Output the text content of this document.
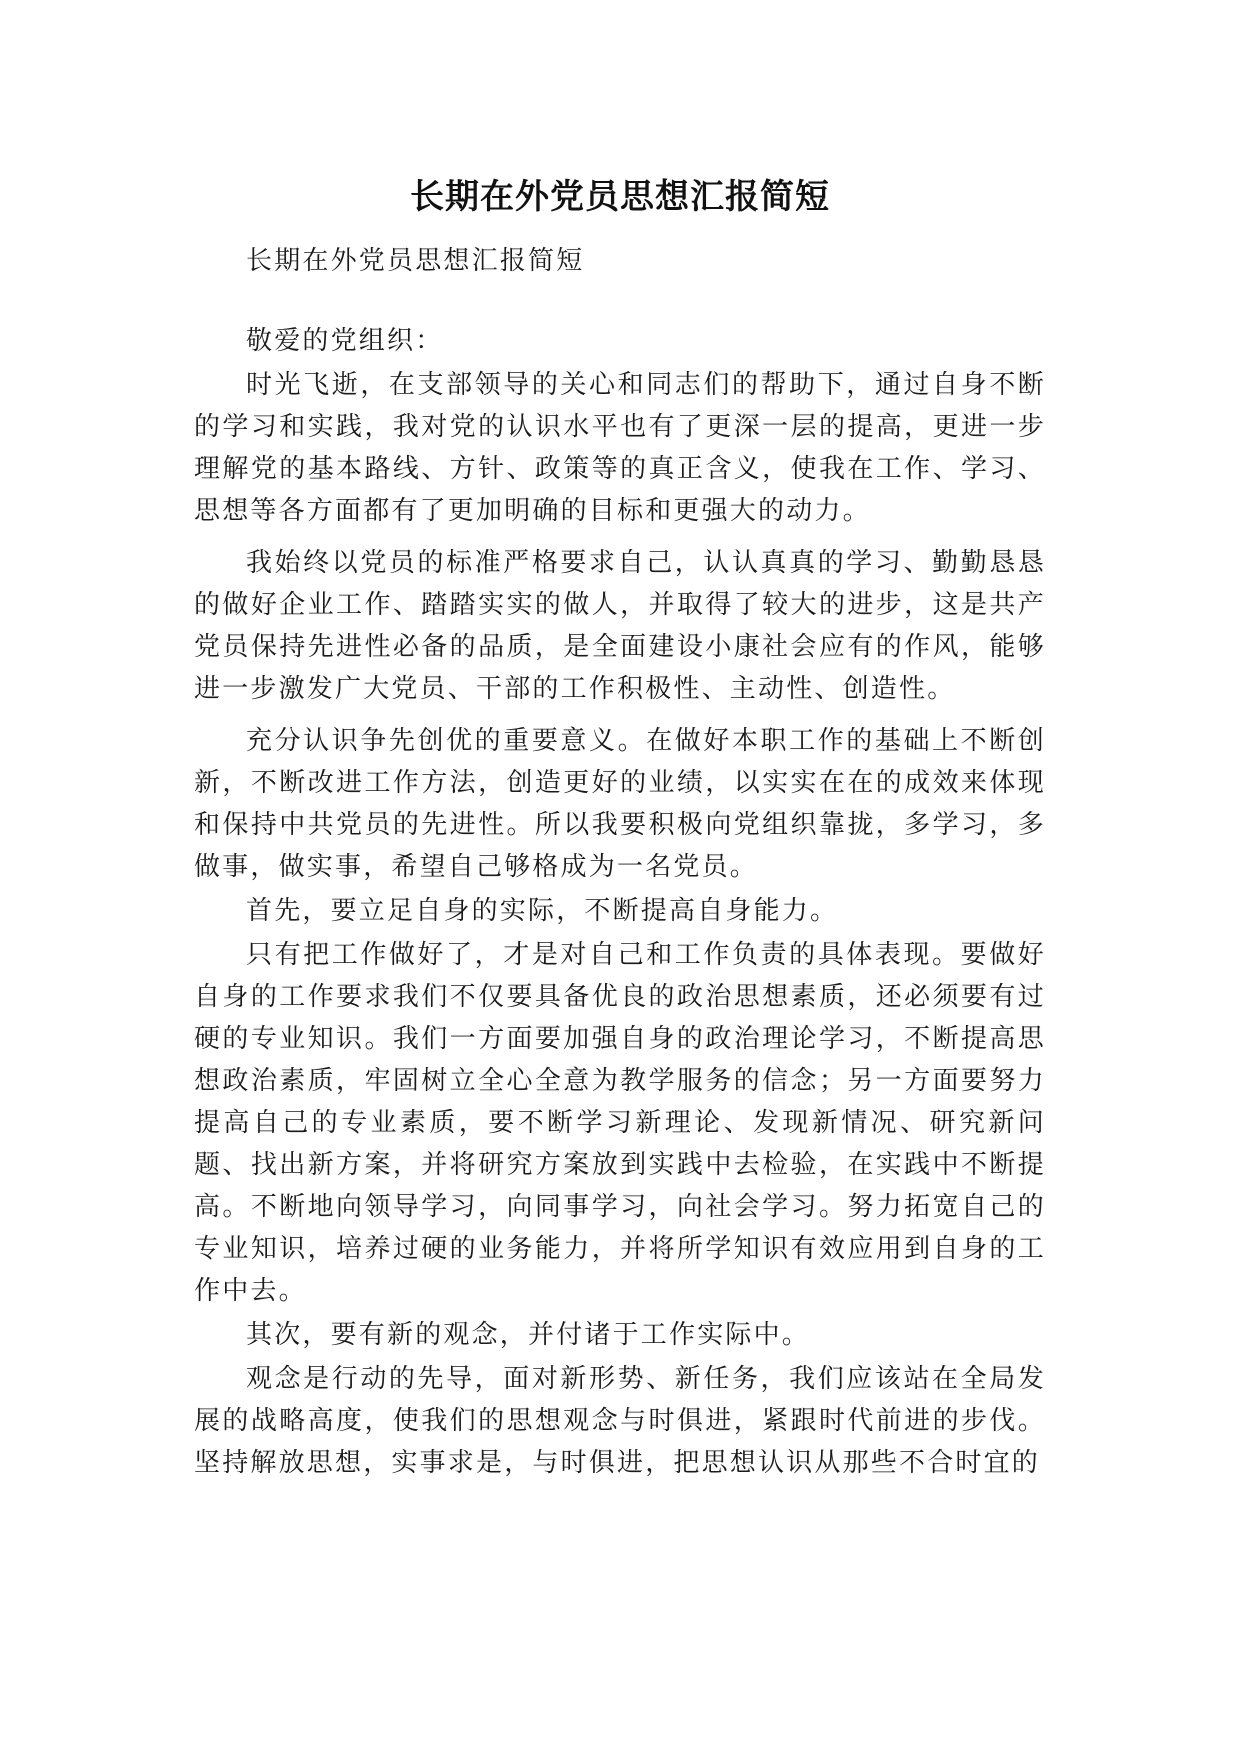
长期在外党员思想汇报简短

长期在外党员思想汇报简短

敬爱的党组织：

时光飞逝，在支部领导的关心和同志们的帮助下，通过自身不断的学习和实践，我对党的认识水平也有了更深一层的提高，更进一步理解党的基本路线、方针、政策等的真正含义，使我在工作、学习、思想等各方面都有了更加明确的目标和更强大的动力。

我始终以党员的标准严格要求自己，认认真真的学习、勤勤恳恳的做好企业工作、踏踏实实的做人，并取得了较大的进步，这是共产党员保持先进性必备的品质，是全面建设小康社会应有的作风，能够进一步激发广大党员、干部的工作积极性、主动性、创造性。

充分认识争先创优的重要意义。在做好本职工作的基础上不断创新，不断改进工作方法，创造更好的业绩，以实实在在的成效来体现和保持中共党员的先进性。所以我要积极向党组织靠拢，多学习，多做事，做实事，希望自己够格成为一名党员。

首先，要立足自身的实际，不断提高自身能力。

只有把工作做好了，才是对自己和工作负责的具体表现。要做好自身的工作要求我们不仅要具备优良的政治思想素质，还必须要有过硬的专业知识。我们一方面要加强自身的政治理论学习，不断提高思想政治素质，牢固树立全心全意为教学服务的信念；另一方面要努力提高自己的专业素质，要不断学习新理论、发现新情况、研究新问题、找出新方案，并将研究方案放到实践中去检验，在实践中不断提高。不断地向领导学习，向同事学习，向社会学习。努力拓宽自己的专业知识，培养过硬的业务能力，并将所学知识有效应用到自身的工作中去。

其次，要有新的观念，并付诸于工作实际中。

观念是行动的先导，面对新形势、新任务，我们应该站在全局发展的战略高度，使我们的思想观念与时俱进，紧跟时代前进的步伐。坚持解放思想，实事求是，与时俱进，把思想认识从那些不合时宜的
